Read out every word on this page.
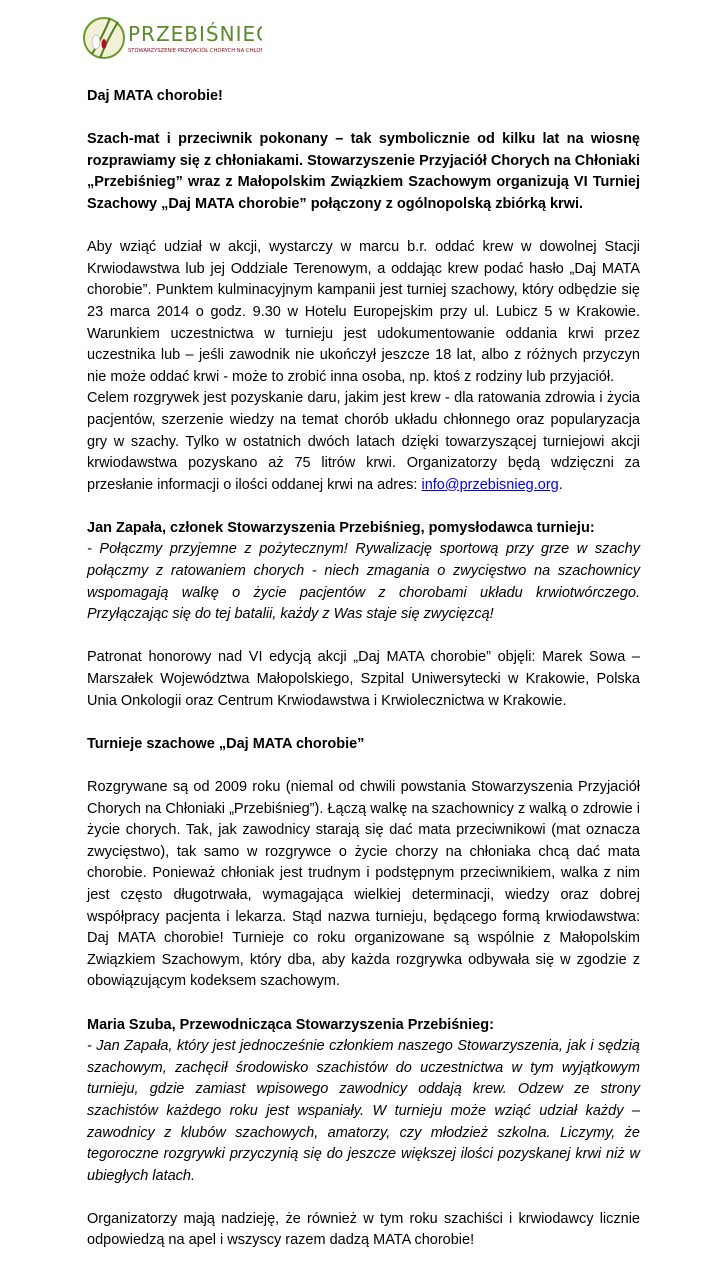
PRZEBIŚNIEG
STOWARZYSZENIE PRZYJACIÓŁ CHORYCH NA CHŁONIAKI

Daj MATA chorobie!

Szach-mat i przeciwnik pokonany – tak symbolicznie od kilku lat na wiosnę rozprawiamy się z chłoniakami. Stowarzyszenie Przyjaciół Chorych na Chłoniaki „Przebiśnieg” wraz z Małopolskim Związkiem Szachowym organizują VI Turniej Szachowy „Daj MATA chorobie” połączony z ogólnopolską zbiórką krwi.

Aby wziąć udział w akcji, wystarczy w marcu b.r. oddać krew w dowolnej Stacji Krwiodawstwa lub jej Oddziale Terenowym, a oddając krew podać hasło „Daj MATA chorobie”. Punktem kulminacyjnym kampanii jest turniej szachowy, który odbędzie się 23 marca 2014 o godz. 9.30 w Hotelu Europejskim przy ul. Lubicz 5 w Krakowie. Warunkiem uczestnictwa w turnieju jest udokumentowanie oddania krwi przez uczestnika lub – jeśli zawodnik nie ukończył jeszcze 18 lat, albo z różnych przyczyn nie może oddać krwi - może to zrobić inna osoba, np. ktoś z rodziny lub przyjaciół.

Celem rozgrywek jest pozyskanie daru, jakim jest krew - dla ratowania zdrowia i życia pacjentów, szerzenie wiedzy na temat chorób układu chłonnego oraz popularyzacja gry w szachy. Tylko w ostatnich dwóch latach dzięki towarzyszącej turniejowi akcji krwiodawstwa pozyskano aż 75 litrów krwi. Organizatorzy będą wdzięczni za przesłanie informacji o ilości oddanej krwi na adres: info@przebisnieg.org.

Jan Zapała, członek Stowarzyszenia Przebiśnieg, pomysłodawca turnieju:

- Połączmy przyjemne z pożytecznym! Rywalizację sportową przy grze w szachy połączmy z ratowaniem chorych - niech zmagania o zwycięstwo na szachownicy wspomagają walkę o życie pacjentów z chorobami układu krwiotwórczego. Przyłączając się do tej batalii, każdy z Was staje się zwycięzcą!

Patronat honorowy nad VI edycją akcji „Daj MATA chorobie” objęli: Marek Sowa – Marszałek Województwa Małopolskiego, Szpital Uniwersytecki w Krakowie, Polska Unia Onkologii oraz Centrum Krwiodawstwa i Krwiolecznictwa w Krakowie.

Turnieje szachowe „Daj MATA chorobie”

Rozgrywane są od 2009 roku (niemal od chwili powstania Stowarzyszenia Przyjaciół Chorych na Chłoniaki „Przebiśnieg”). Łączą walkę na szachownicy z walką o zdrowie i życie chorych. Tak, jak zawodnicy starają się dać mata przeciwnikowi (mat oznacza zwycięstwo), tak samo w rozgrywce o życie chorzy na chłoniaka chcą dać mata chorobie. Ponieważ chłoniak jest trudnym i podstępnym przeciwnikiem, walka z nim jest często długotrwała, wymagająca wielkiej determinacji, wiedzy oraz dobrej współpracy pacjenta i lekarza. Stąd nazwa turnieju, będącego formą krwiodawstwa: Daj MATA chorobie! Turnieje co roku organizowane są wspólnie z Małopolskim Związkiem Szachowym, który dba, aby każda rozgrywka odbywała się w zgodzie z obowiązującym kodeksem szachowym.

Maria Szuba, Przewodnicząca Stowarzyszenia Przebiśnieg:

- Jan Zapała, który jest jednocześnie członkiem naszego Stowarzyszenia, jak i sędzią szachowym, zachęcił środowisko szachistów do uczestnictwa w tym wyjątkowym turnieju, gdzie zamiast wpisowego zawodnicy oddają krew. Odzew ze strony szachistów każdego roku jest wspaniały. W turnieju może wziąć udział każdy – zawodnicy z klubów szachowych, amatorzy, czy młodzież szkolna. Liczymy, że tegoroczne rozgrywki przyczynią się do jeszcze większej ilości pozyskanej krwi niż w ubiegłych latach.

Organizatorzy mają nadzieję, że również w tym roku szachiści i krwiodawcy licznie odpowiedzą na apel i wszyscy razem dadzą MATA chorobie!
